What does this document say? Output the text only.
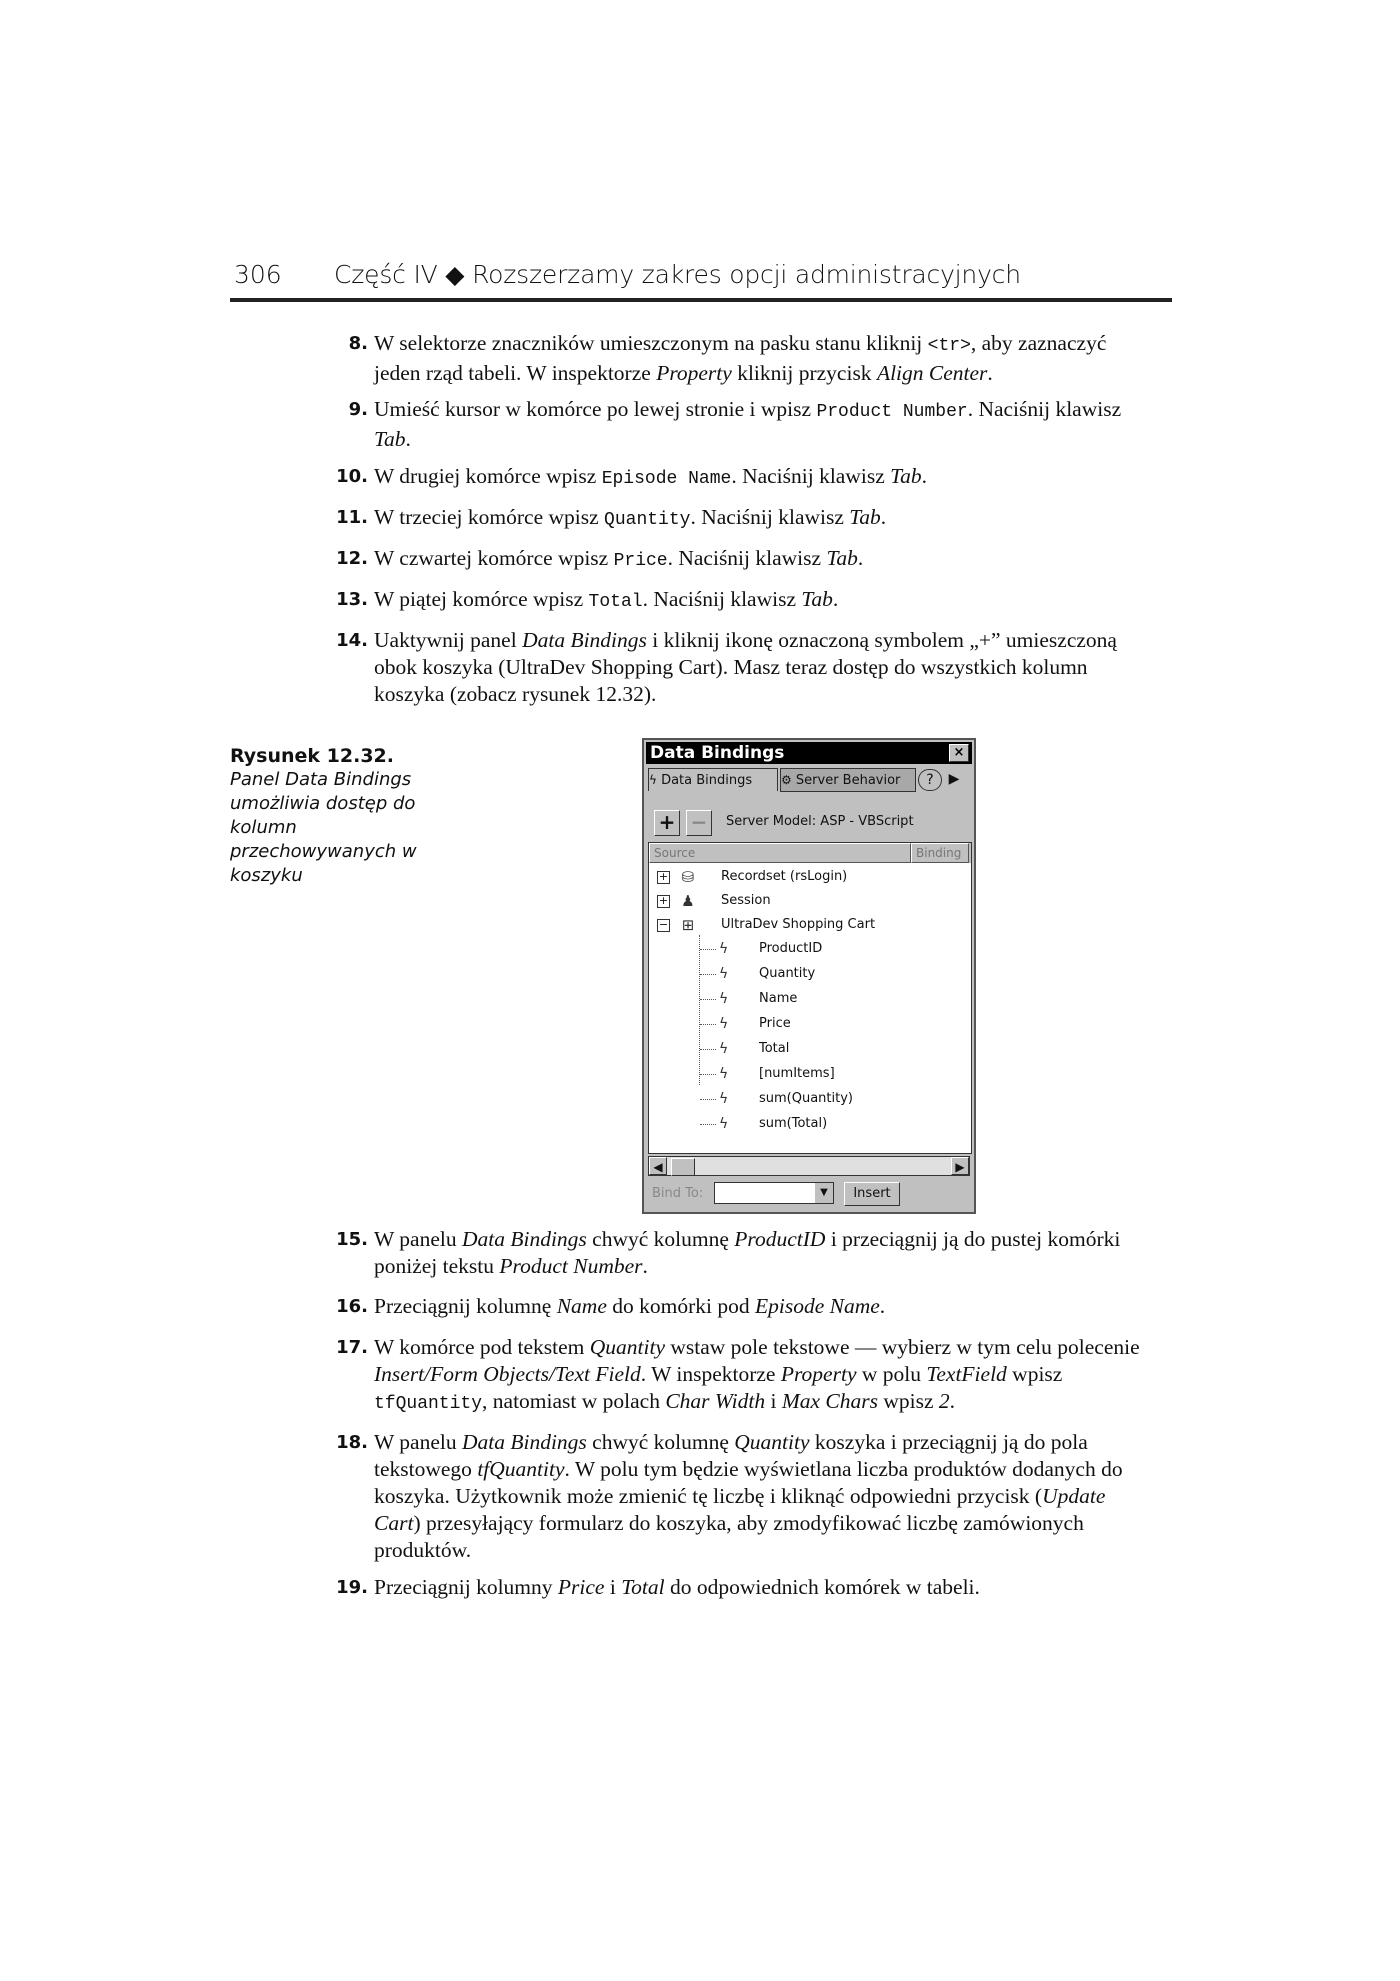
306 Część IV ◆ Rozszerzamy zakres opcji administracyjnych
Rysunek 12.32.
Panel Data Bindings umożliwia dostęp do kolumn przechowywanych w koszyku
Data Bindings	×
ϟ Data Bindings	⚙ Server Behavior	?	▶
+ −	Server Model: ASP - VBScript
Source	Binding
+ ⛁ Recordset (rsLogin)
+ ♟ Session
− ⊞ UltraDev Shopping Cart
ϟ ProductID
ϟ Quantity
ϟ Name
ϟ Price
ϟ Total
ϟ [numItems]
ϟ sum(Quantity)
ϟ sum(Total)
◀	▶
Bind To:	▼	Insert
8. W selektorze znaczników umieszczonym na pasku stanu kliknij <tr>, aby zaznaczyć jeden rząd tabeli. W inspektorze Property kliknij przycisk Align Center.
9. Umieść kursor w komórce po lewej stronie i wpisz Product Number. Naciśnij klawisz Tab.
10. W drugiej komórce wpisz Episode Name. Naciśnij klawisz Tab.
11. W trzeciej komórce wpisz Quantity. Naciśnij klawisz Tab.
12. W czwartej komórce wpisz Price. Naciśnij klawisz Tab.
13. W piątej komórce wpisz Total. Naciśnij klawisz Tab.
14. Uaktywnij panel Data Bindings i kliknij ikonę oznaczoną symbolem „+” umieszczoną obok koszyka (UltraDev Shopping Cart). Masz teraz dostęp do wszystkich kolumn koszyka (zobacz rysunek 12.32).
15. W panelu Data Bindings chwyć kolumnę ProductID i przeciągnij ją do pustej komórki poniżej tekstu Product Number.
16. Przeciągnij kolumnę Name do komórki pod Episode Name.
17. W komórce pod tekstem Quantity wstaw pole tekstowe — wybierz w tym celu polecenie Insert/Form Objects/Text Field. W inspektorze Property w polu TextField wpisz tfQuantity, natomiast w polach Char Width i Max Chars wpisz 2.
18. W panelu Data Bindings chwyć kolumnę Quantity koszyka i przeciągnij ją do pola tekstowego tfQuantity. W polu tym będzie wyświetlana liczba produktów dodanych do koszyka. Użytkownik może zmienić tę liczbę i kliknąć odpowiedni przycisk (Update Cart) przesyłający formularz do koszyka, aby zmodyfikować liczbę zamówionych produktów.
19. Przeciągnij kolumny Price i Total do odpowiednich komórek w tabeli.
